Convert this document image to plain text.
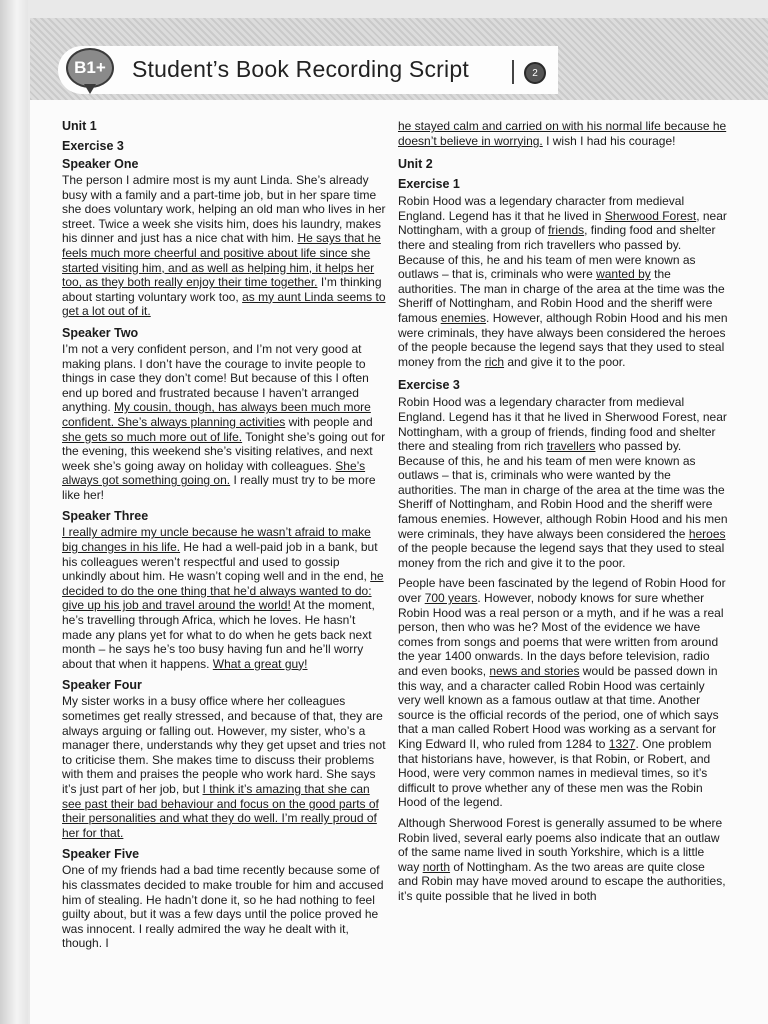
B1+	Student’s Book Recording Script	2
Unit 1
Exercise 3
Speaker One

The person I admire most is my aunt Linda. She’s already busy with a family and a part-time job, but in her spare time she does voluntary work, helping an old man who lives in her street. Twice a week she visits him, does his laundry, makes his dinner and just has a nice chat with him. He says that he feels much more cheerful and positive about life since she started visiting him, and as well as helping him, it helps her too, as they both really enjoy their time together. I’m thinking about starting voluntary work too, as my aunt Linda seems to get a lot out of it.

Speaker Two

I’m not a very confident person, and I’m not very good at making plans. I don’t have the courage to invite people to things in case they don’t come! But because of this I often end up bored and frustrated because I haven’t arranged anything. My cousin, though, has always been much more confident. She’s always planning activities with people and she gets so much more out of life. Tonight she’s going out for the evening, this weekend she’s visiting relatives, and next week she’s going away on holiday with colleagues. She’s always got something going on. I really must try to be more like her!

Speaker Three

I really admire my uncle because he wasn’t afraid to make big changes in his life. He had a well-paid job in a bank, but his colleagues weren’t respectful and used to gossip unkindly about him. He wasn’t coping well and in the end, he decided to do the one thing that he’d always wanted to do: give up his job and travel around the world! At the moment, he’s travelling through Africa, which he loves. He hasn’t made any plans yet for what to do when he gets back next month – he says he’s too busy having fun and he’ll worry about that when it happens. What a great guy!

Speaker Four

My sister works in a busy office where her colleagues sometimes get really stressed, and because of that, they are always arguing or falling out. However, my sister, who’s a manager there, understands why they get upset and tries not to criticise them. She makes time to discuss their problems with them and praises the people who work hard. She says it’s just part of her job, but I think it’s amazing that she can see past their bad behaviour and focus on the good parts of their personalities and what they do well. I’m really proud of her for that.

Speaker Five

One of my friends had a bad time recently because some of his classmates decided to make trouble for him and accused him of stealing. He hadn’t done it, so he had nothing to feel guilty about, but it was a few days until the police proved he was innocent. I really admired the way he dealt with it, though. I

he stayed calm and carried on with his normal life because he doesn’t believe in worrying. I wish I had his courage!

Unit 2
Exercise 1

Robin Hood was a legendary character from medieval England. Legend has it that he lived in Sherwood Forest, near Nottingham, with a group of friends, finding food and shelter there and stealing from rich travellers who passed by. Because of this, he and his team of men were known as outlaws – that is, criminals who were wanted by the authorities. The man in charge of the area at the time was the Sheriff of Nottingham, and Robin Hood and the sheriff were famous enemies. However, although Robin Hood and his men were criminals, they have always been considered the heroes of the people because the legend says that they used to steal money from the rich and give it to the poor.

Exercise 3

Robin Hood was a legendary character from medieval England. Legend has it that he lived in Sherwood Forest, near Nottingham, with a group of friends, finding food and shelter there and stealing from rich travellers who passed by. Because of this, he and his team of men were known as outlaws – that is, criminals who were wanted by the authorities. The man in charge of the area at the time was the Sheriff of Nottingham, and Robin Hood and the sheriff were famous enemies. However, although Robin Hood and his men were criminals, they have always been considered the heroes of the people because the legend says that they used to steal money from the rich and give it to the poor.

People have been fascinated by the legend of Robin Hood for over 700 years. However, nobody knows for sure whether Robin Hood was a real person or a myth, and if he was a real person, then who was he? Most of the evidence we have comes from songs and poems that were written from around the year 1400 onwards. In the days before television, radio and even books, news and stories would be passed down in this way, and a character called Robin Hood was certainly very well known as a famous outlaw at that time. Another source is the official records of the period, one of which says that a man called Robert Hood was working as a servant for King Edward II, who ruled from 1284 to 1327. One problem that historians have, however, is that Robin, or Robert, and Hood, were very common names in medieval times, so it’s difficult to prove whether any of these men was the Robin Hood of the legend.

Although Sherwood Forest is generally assumed to be where Robin lived, several early poems also indicate that an outlaw of the same name lived in south Yorkshire, which is a little way north of Nottingham. As the two areas are quite close and Robin may have moved around to escape the authorities, it’s quite possible that he lived in both
